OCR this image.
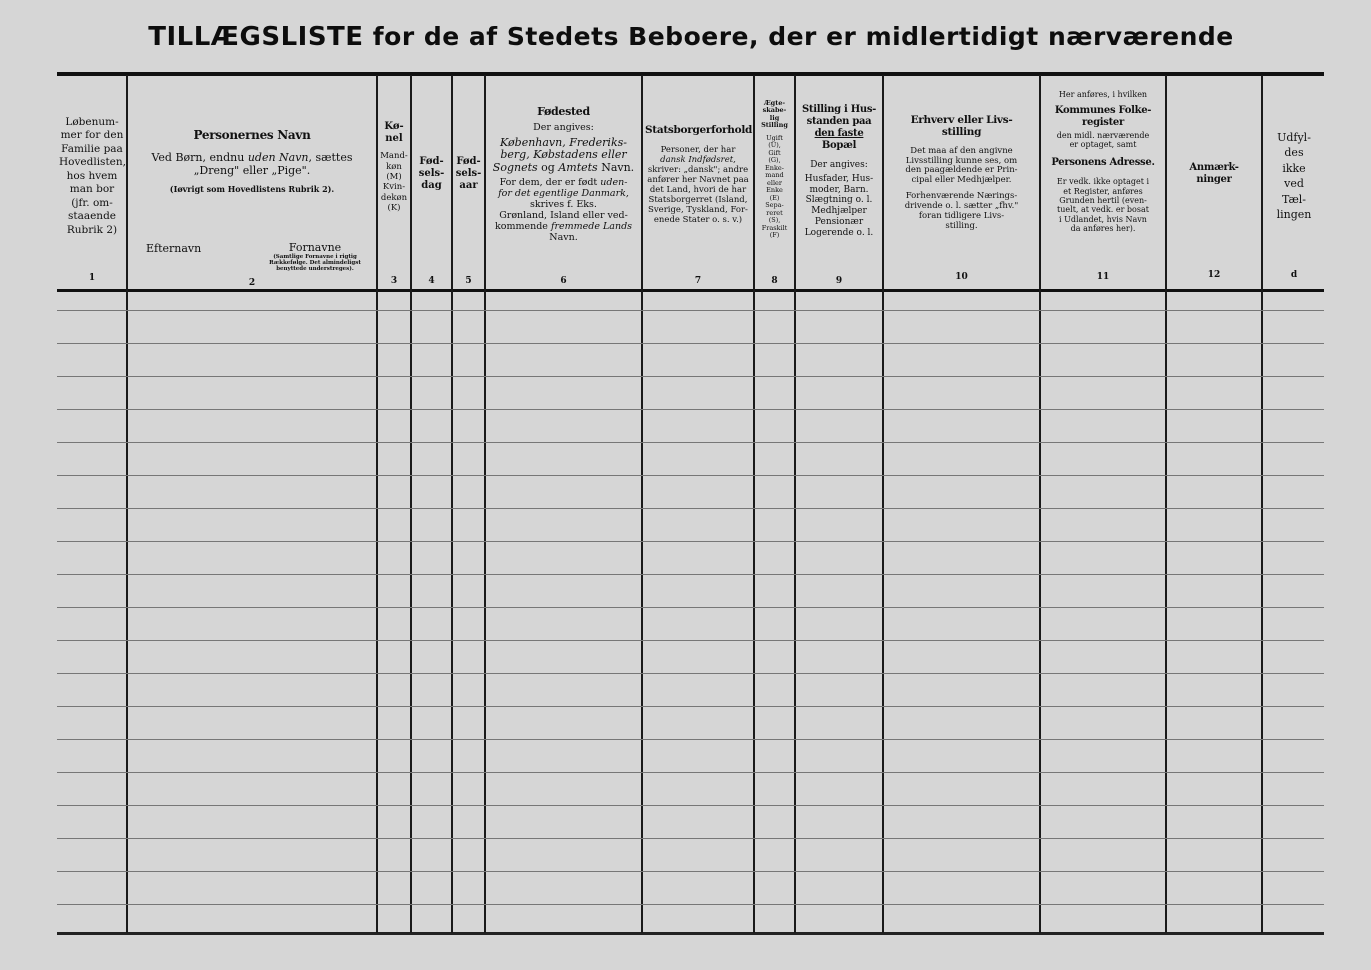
TILLÆGSLISTE for de af Stedets Beboere, der er midlertidigt nærværende
Løbenum-
mer for den
Familie paa
Hovedlisten,
hos hvem
man bor
(jfr. om-
staaende
Rubrik 2)
1
Personernes Navn
Ved Børn, endnu uden Navn, sættes
„Dreng" eller „Pige".
(Iøvrigt som Hovedlistens Rubrik 2).
Efternavn	Fornavne
(Samtlige Fornavne i rigtig Rækkefølge. Det almindeligst benyttede understreges).
2
Kø-
nel
Mand-
køn
(M)
Kvin-
dekøn
(K)
3
Fød-
sels-
dag
4
Fød-
sels-
aar
5
Fødested
Der angives:
København, Frederiks-
berg, Købstadens eller
Sognets og Amtets Navn.
For dem, der er født uden-
for det egentlige Danmark,
skrives f. Eks.
Grønland, Island eller ved-
kommende fremmede Lands
Navn.
6
Statsborgerforhold
Personer, der har
dansk Indfødsret,
skriver: „dansk"; andre
anfører her Navnet paa
det Land, hvori de har
Statsborgerret (Island,
Sverige, Tyskland, For-
enede Stater o. s. v.)
7
Ægte-
skabe-
lig
Stilling
Ugift
(U),
Gift
(G),
Enke-
mand
eller
Enke
(E)
Sepa-
reret
(S),
Fraskilt
(F)
8
Stilling i Hus-
standen paa
den faste
Bopæl
Der angives:
Husfader, Hus-
moder, Barn.
Slægtning o. l.
Medhjælper
Pensionær
Logerende o. l.
9
Erhverv eller Livs-
stilling
Det maa af den angivne
Livsstilling kunne ses, om
den paagældende er Prin-
cipal eller Medhjælper.
Forhenværende Nærings-
drivende o. l. sætter „fhv."
foran tidligere Livs-
stilling.
10
Her anføres, i hvilken
Kommunes Folke-
register
den midl. nærværende
er optaget, samt
Personens Adresse.
Er vedk. ikke optaget i
et Register, anføres
Grunden hertil (even-
tuelt, at vedk. er bosat
i Udlandet, hvis Navn
da anføres her).
11
Anmærk-
ninger
12
Udfyl-
des
ikke
ved
Tæl-
lingen
d
